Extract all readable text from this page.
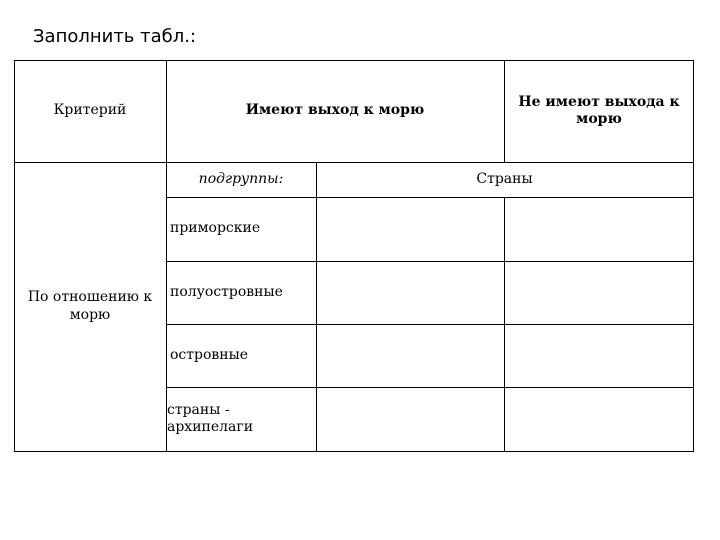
Заполнить табл.:
Критерий	Имеют выход к морю
Не имеют выхода к морю
подгруппы:	Страны
По отношению к морю
приморские
полуостровные
островные
страны - архипелаги
